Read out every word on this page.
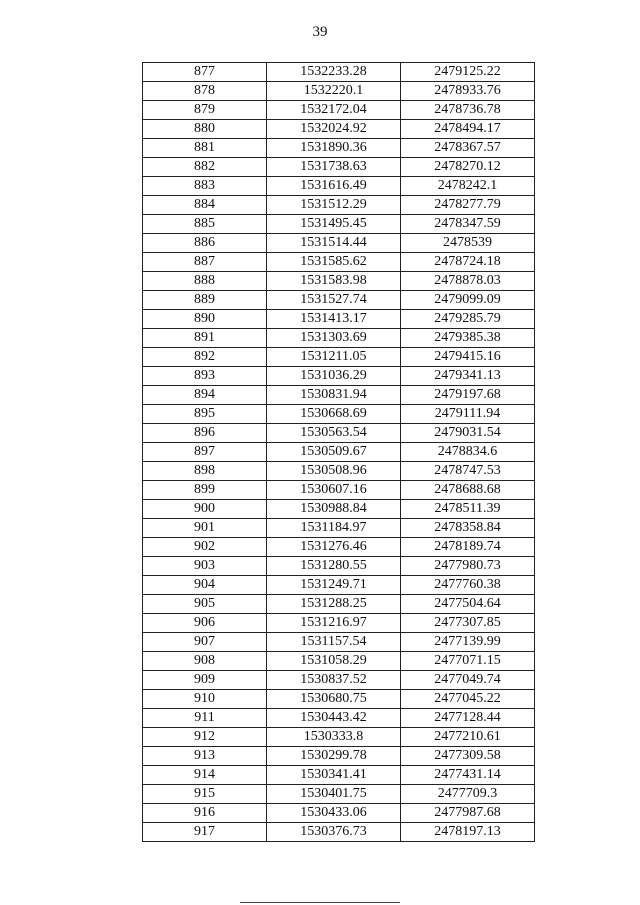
39
877	1532233.28	2479125.22
878	1532220.1	2478933.76
879	1532172.04	2478736.78
880	1532024.92	2478494.17
881	1531890.36	2478367.57
882	1531738.63	2478270.12
883	1531616.49	2478242.1
884	1531512.29	2478277.79
885	1531495.45	2478347.59
886	1531514.44	2478539
887	1531585.62	2478724.18
888	1531583.98	2478878.03
889	1531527.74	2479099.09
890	1531413.17	2479285.79
891	1531303.69	2479385.38
892	1531211.05	2479415.16
893	1531036.29	2479341.13
894	1530831.94	2479197.68
895	1530668.69	2479111.94
896	1530563.54	2479031.54
897	1530509.67	2478834.6
898	1530508.96	2478747.53
899	1530607.16	2478688.68
900	1530988.84	2478511.39
901	1531184.97	2478358.84
902	1531276.46	2478189.74
903	1531280.55	2477980.73
904	1531249.71	2477760.38
905	1531288.25	2477504.64
906	1531216.97	2477307.85
907	1531157.54	2477139.99
908	1531058.29	2477071.15
909	1530837.52	2477049.74
910	1530680.75	2477045.22
911	1530443.42	2477128.44
912	1530333.8	2477210.61
913	1530299.78	2477309.58
914	1530341.41	2477431.14
915	1530401.75	2477709.3
916	1530433.06	2477987.68
917	1530376.73	2478197.13
